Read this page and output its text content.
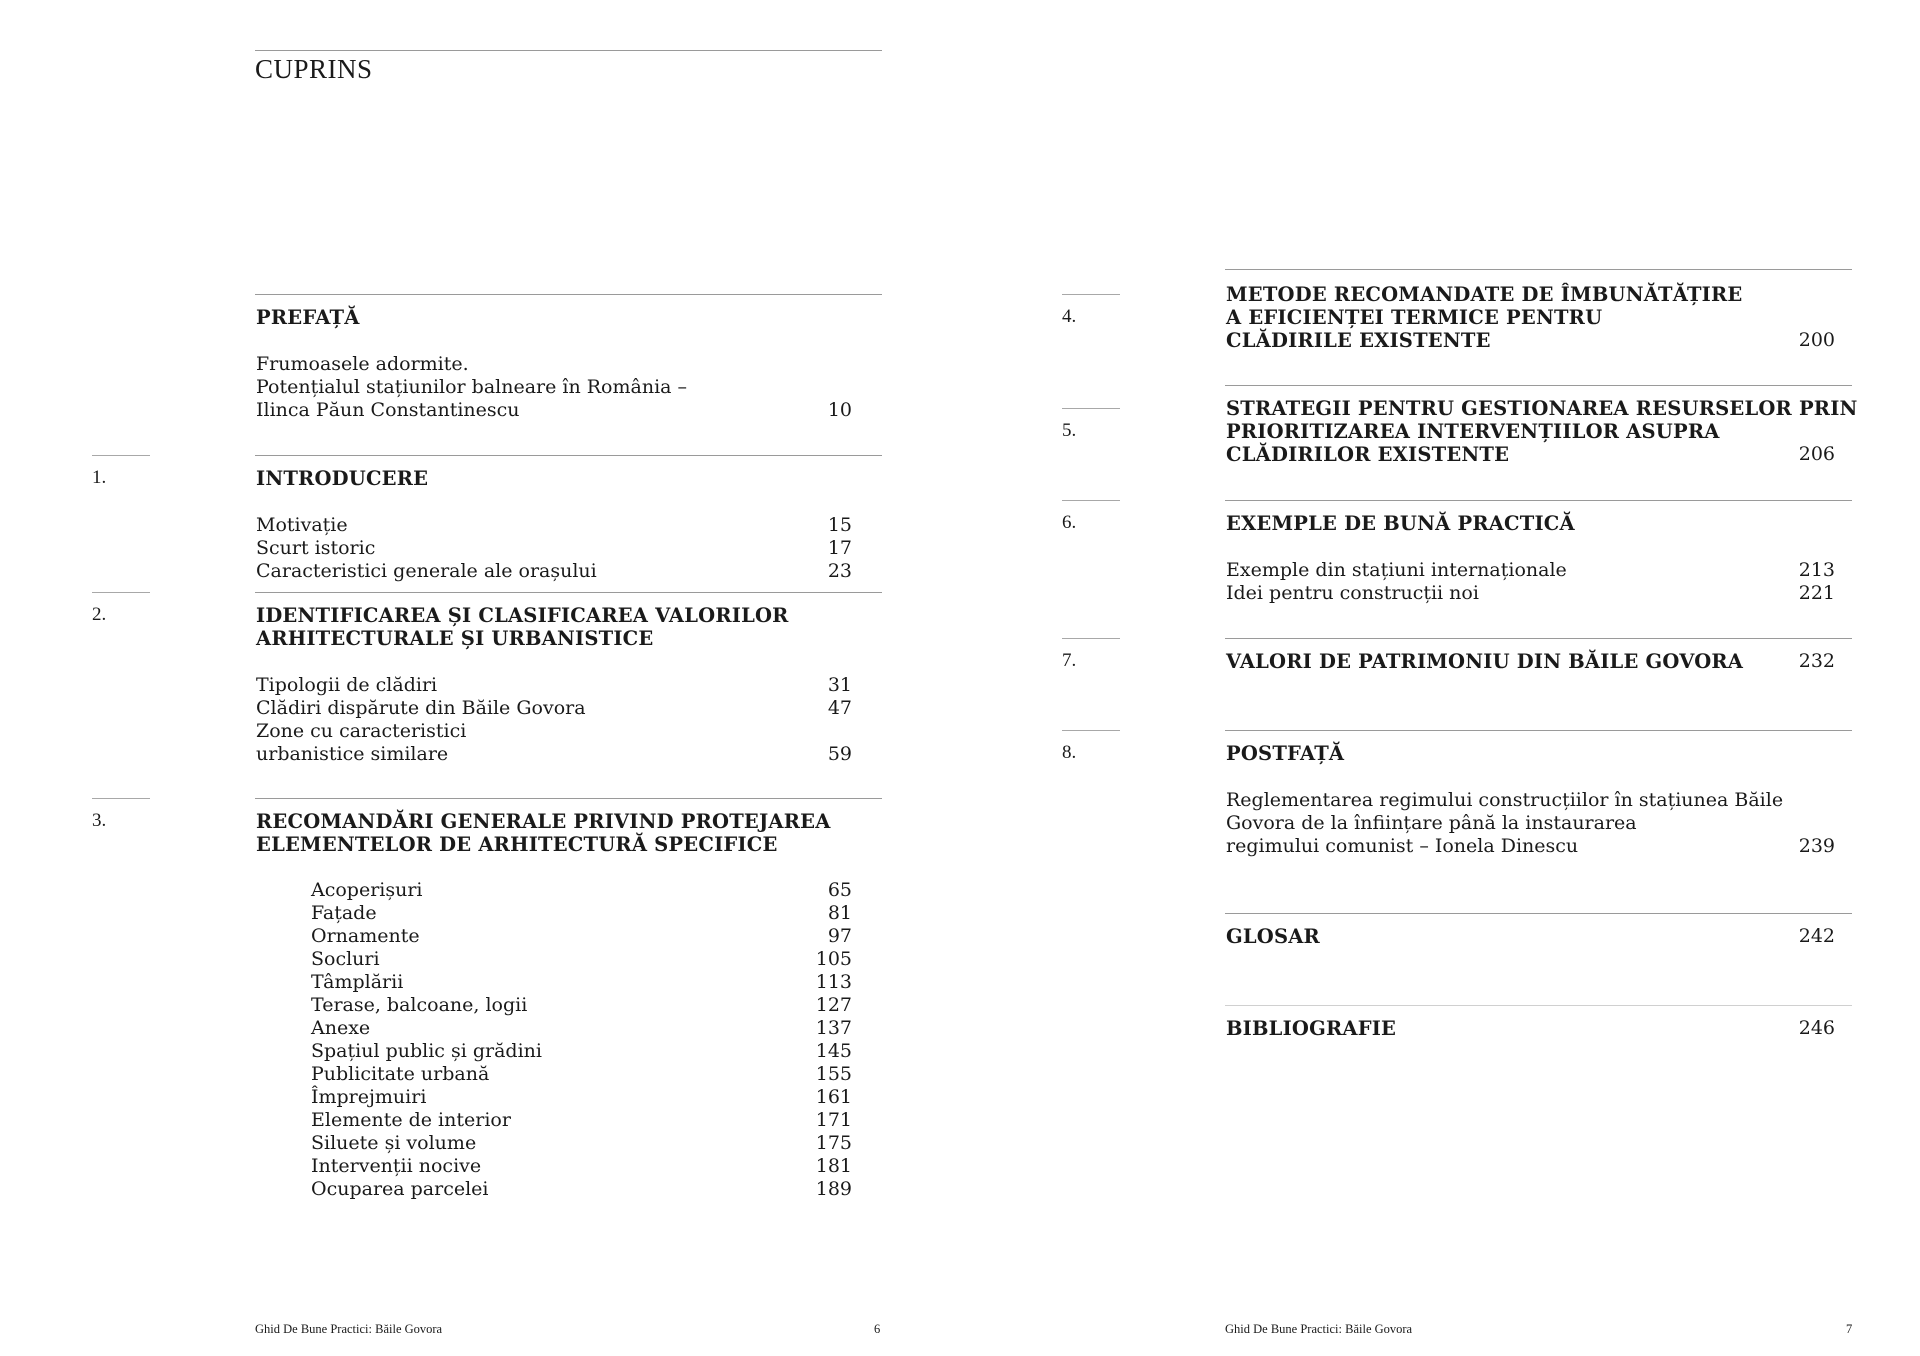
CUPRINS
PREFAȚĂ
Frumoasele adormite.
Potențialul stațiunilor balneare în România –
Ilinca Păun Constantinescu	10
1.	INTRODUCERE
Motivație	15
Scurt istoric	17
Caracteristici generale ale orașului	23
2.	IDENTIFICAREA ȘI CLASIFICAREA VALORILOR
ARHITECTURALE ȘI URBANISTICE
Tipologii de clădiri	31
Clădiri dispărute din Băile Govora	47
Zone cu caracteristici
urbanistice similare	59
3.	RECOMANDĂRI GENERALE PRIVIND PROTEJAREA
ELEMENTELOR DE ARHITECTURĂ SPECIFICE
Acoperișuri	65
Fațade	81
Ornamente	97
Socluri	105
Tâmplării	113
Terase, balcoane, logii	127
Anexe	137
Spațiul public și grădini	145
Publicitate urbană	155
Împrejmuiri	161
Elemente de interior	171
Siluete și volume	175
Intervenții nocive	181
Ocuparea parcelei	189
Ghid De Bune Practici: Băile Govora	6
4.
METODE RECOMANDATE DE ÎMBUNĂTĂȚIRE
A EFICIENȚEI TERMICE PENTRU
CLĂDIRILE EXISTENTE	200
5.
STRATEGII PENTRU GESTIONAREA RESURSELOR PRIN
PRIORITIZAREA INTERVENȚIILOR ASUPRA
CLĂDIRILOR EXISTENTE	206
6.	EXEMPLE DE BUNĂ PRACTICĂ
Exemple din stațiuni internaționale	213
Idei pentru construcții noi	221
7.	VALORI DE PATRIMONIU DIN BĂILE GOVORA	232
8.	POSTFAȚĂ
Reglementarea regimului construcțiilor în stațiunea Băile
Govora de la înființare până la instaurarea
regimului comunist – Ionela Dinescu	239
GLOSAR	242
BIBLIOGRAFIE	246
Ghid De Bune Practici: Băile Govora	7
